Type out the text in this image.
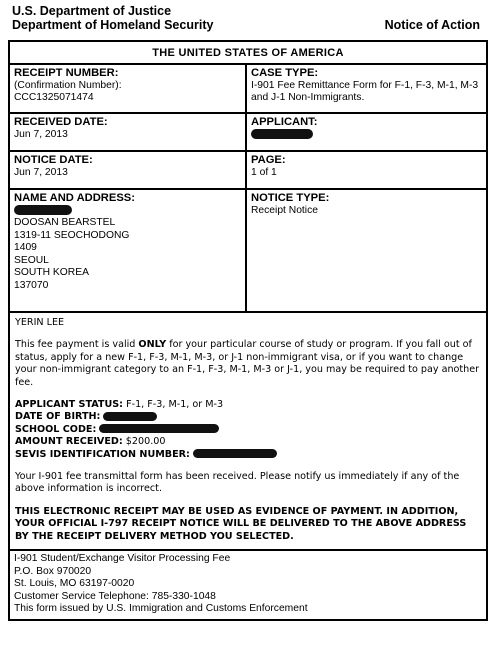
U.S. Department of Justice
Department of Homeland Security	Notice of Action
THE UNITED STATES OF AMERICA
RECEIPT NUMBER:
(Confirmation Number):
CCC1325071474
CASE TYPE:
I-901 Fee Remittance Form for F-1, F-3, M-1, M-3 and J-1 Non-Immigrants.
RECEIVED DATE:
Jun 7, 2013
APPLICANT:
NOTICE DATE:
Jun 7, 2013
PAGE:
1 of 1
NAME AND ADDRESS:
DOOSAN BEARSTEL
1319-11 SEOCHODONG
1409
SEOUL
SOUTH KOREA
137070
NOTICE TYPE:
Receipt Notice

YERIN LEE

This fee payment is valid ONLY for your particular course of study or program. If you fall out of status, apply for a new F-1, F-3, M-1, M-3, or J-1 non-immigrant visa, or if you want to change your non-immigrant category to an F-1, F-3, M-1, M-3 or J-1, you may be required to pay another fee.

APPLICANT STATUS: F-1, F-3, M-1, or M-3

DATE OF BIRTH:

SCHOOL CODE:

AMOUNT RECEIVED: $200.00

SEVIS IDENTIFICATION NUMBER:

Your I-901 fee transmittal form has been received. Please notify us immediately if any of the above information is incorrect.

THIS ELECTRONIC RECEIPT MAY BE USED AS EVIDENCE OF PAYMENT. IN ADDITION, YOUR OFFICIAL I-797 RECEIPT NOTICE WILL BE DELIVERED TO THE ABOVE ADDRESS BY THE RECEIPT DELIVERY METHOD YOU SELECTED.

I-901 Student/Exchange Visitor Processing Fee
P.O. Box 970020
St. Louis, MO 63197-0020
Customer Service Telephone: 785-330-1048
This form issued by U.S. Immigration and Customs Enforcement
